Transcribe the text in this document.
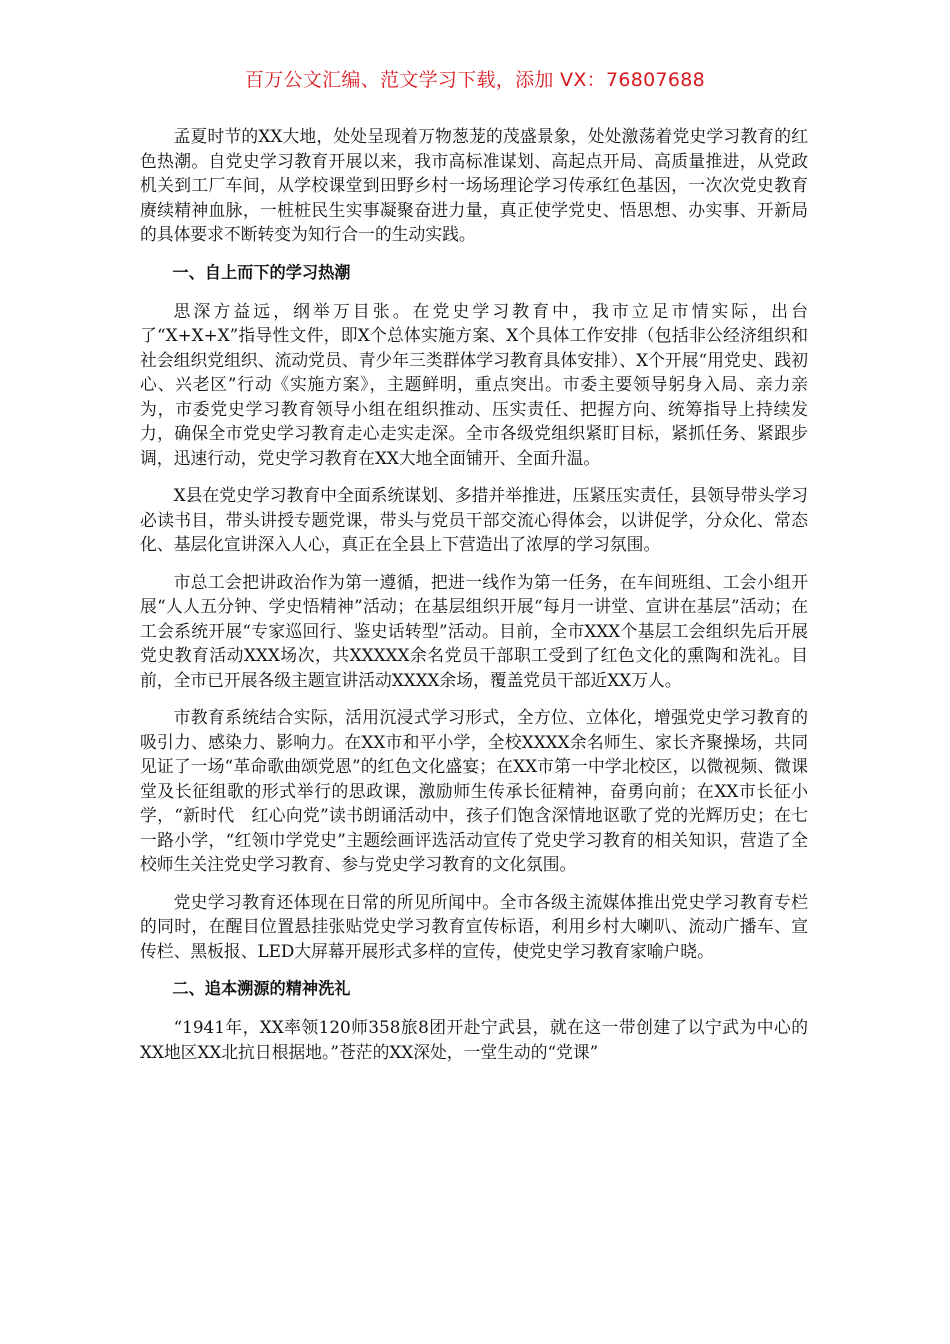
百万公文汇编、范文学习下载，添加 VX：76807688

孟夏时节的XX大地，处处呈现着万物葱茏的茂盛景象，处处激荡着党史学习教育的红色热潮。自党史学习教育开展以来，我市高标准谋划、高起点开局、高质量推进，从党政机关到工厂车间，从学校课堂到田野乡村一场场理论学习传承红色基因，一次次党史教育赓续精神血脉，一桩桩民生实事凝聚奋进力量，真正使学党史、悟思想、办实事、开新局的具体要求不断转变为知行合一的生动实践。

一、自上而下的学习热潮

思深方益远，纲举万目张。在党史学习教育中，我市立足市情实际，出台了“X+X+X”指导性文件，即X个总体实施方案、X个具体工作安排（包括非公经济组织和社会组织党组织、流动党员、青少年三类群体学习教育具体安排）、X个开展“用党史、践初心、兴老区”行动《实施方案》，主题鲜明，重点突出。市委主要领导躬身入局、亲力亲为，市委党史学习教育领导小组在组织推动、压实责任、把握方向、统筹指导上持续发力，确保全市党史学习教育走心走实走深。全市各级党组织紧盯目标，紧抓任务、紧跟步调，迅速行动，党史学习教育在XX大地全面铺开、全面升温。

X县在党史学习教育中全面系统谋划、多措并举推进，压紧压实责任，县领导带头学习必读书目，带头讲授专题党课，带头与党员干部交流心得体会，以讲促学，分众化、常态化、基层化宣讲深入人心，真正在全县上下营造出了浓厚的学习氛围。

市总工会把讲政治作为第一遵循，把进一线作为第一任务，在车间班组、工会小组开展“人人五分钟、学史悟精神”活动；在基层组织开展“每月一讲堂、宣讲在基层”活动；在工会系统开展“专家巡回行、鉴史话转型”活动。目前，全市XXX个基层工会组织先后开展党史教育活动XXX场次，共XXXXX余名党员干部职工受到了红色文化的熏陶和洗礼。目前，全市已开展各级主题宣讲活动XXXX余场，覆盖党员干部近XX万人。

市教育系统结合实际，活用沉浸式学习形式，全方位、立体化，增强党史学习教育的吸引力、感染力、影响力。在XX市和平小学，全校XXXX余名师生、家长齐聚操场，共同见证了一场“革命歌曲颂党恩”的红色文化盛宴；在XX市第一中学北校区，以微视频、微课堂及长征组歌的形式举行的思政课，激励师生传承长征精神，奋勇向前；在XX市长征小学，“新时代　红心向党”读书朗诵活动中，孩子们饱含深情地讴歌了党的光辉历史；在七一路小学，“红领巾学党史”主题绘画评选活动宣传了党史学习教育的相关知识，营造了全校师生关注党史学习教育、参与党史学习教育的文化氛围。

党史学习教育还体现在日常的所见所闻中。全市各级主流媒体推出党史学习教育专栏的同时，在醒目位置悬挂张贴党史学习教育宣传标语，利用乡村大喇叭、流动广播车、宣传栏、黑板报、LED大屏幕开展形式多样的宣传，使党史学习教育家喻户晓。

二、追本溯源的精神洗礼

“1941年，XX率领120师358旅8团开赴宁武县，就在这一带创建了以宁武为中心的XX地区XX北抗日根据地。”苍茫的XX深处，一堂生动的“党课”
